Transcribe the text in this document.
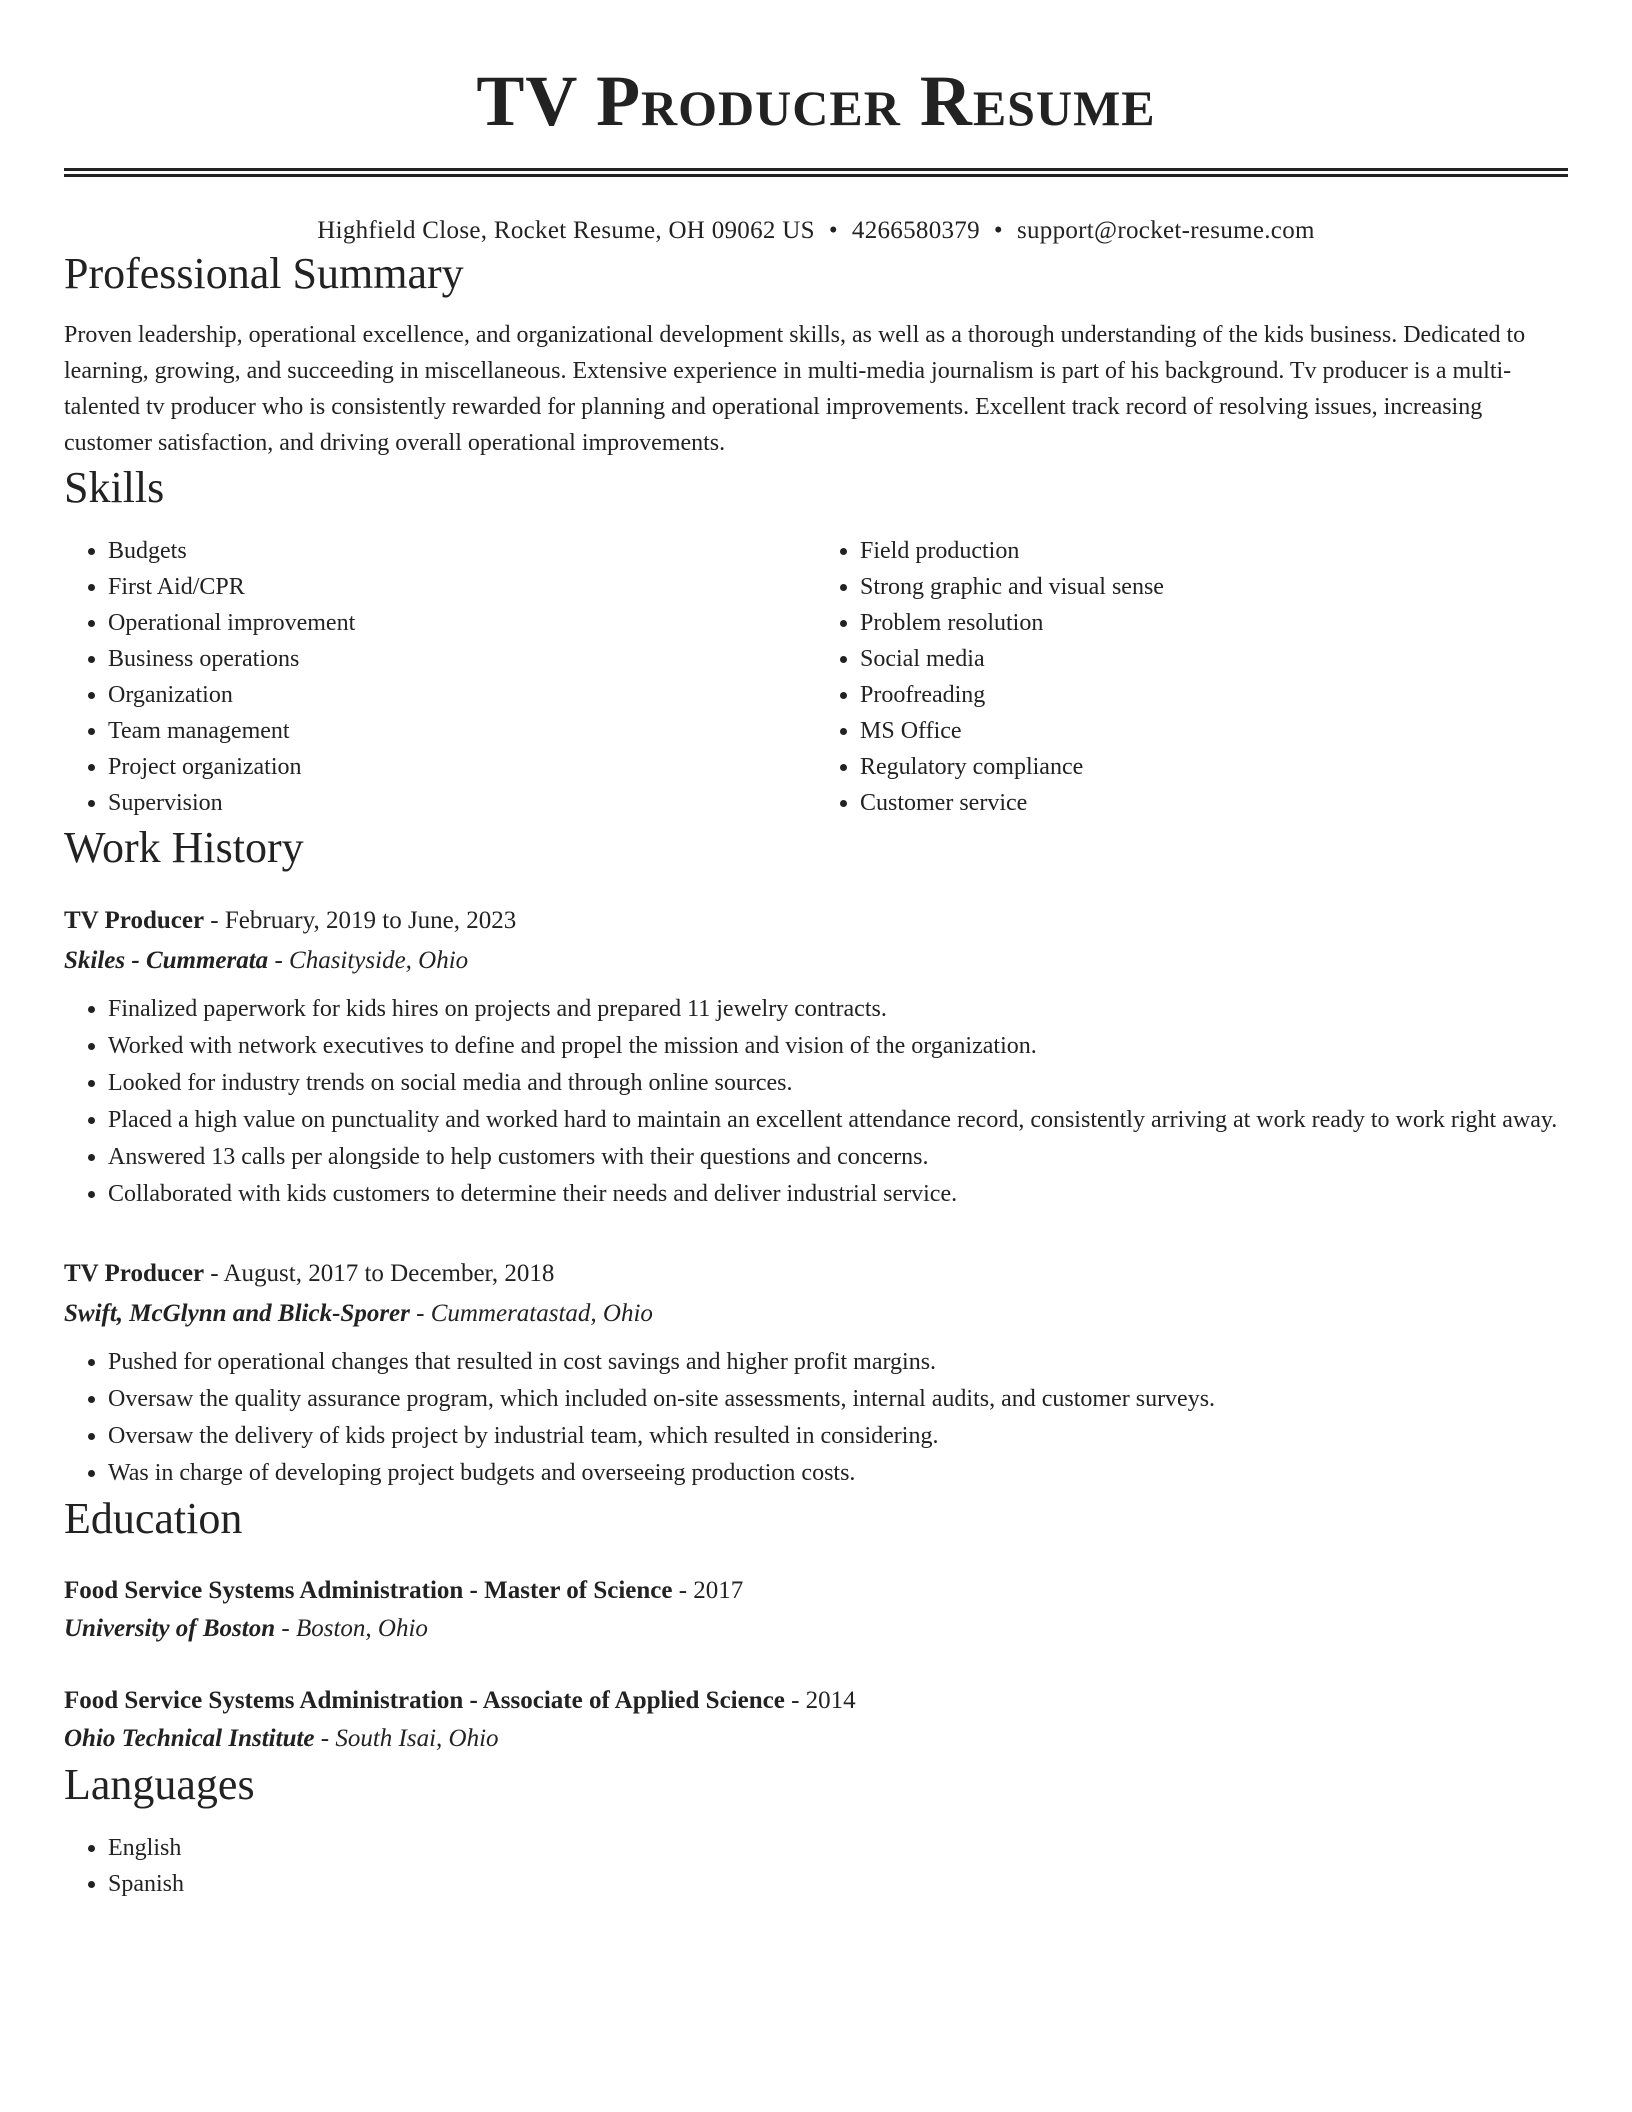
TV Producer Resume
Highfield Close, Rocket Resume, OH 09062 US • 4266580379 • support@rocket-resume.com
Professional Summary

Proven leadership, operational excellence, and organizational development skills, as well as a thorough understanding of the kids business. Dedicated to learning, growing, and succeeding in miscellaneous. Extensive experience in multi-media journalism is part of his background. Tv producer is a multi-talented tv producer who is consistently rewarded for planning and operational improvements. Excellent track record of resolving issues, increasing customer satisfaction, and driving overall operational improvements.

Skills
• Budgets
• First Aid/CPR
• Operational improvement
• Business operations
• Organization
• Team management
• Project organization
• Supervision
• Field production
• Strong graphic and visual sense
• Problem resolution
• Social media
• Proofreading
• MS Office
• Regulatory compliance
• Customer service
Work History
TV Producer - February, 2019 to June, 2023
Skiles - Cummerata - Chasityside, Ohio
• Finalized paperwork for kids hires on projects and prepared 11 jewelry contracts.
• Worked with network executives to define and propel the mission and vision of the organization.
• Looked for industry trends on social media and through online sources.
• Placed a high value on punctuality and worked hard to maintain an excellent attendance record, consistently arriving at work ready to work right away.
• Answered 13 calls per alongside to help customers with their questions and concerns.
• Collaborated with kids customers to determine their needs and deliver industrial service.
TV Producer - August, 2017 to December, 2018
Swift, McGlynn and Blick-Sporer - Cummeratastad, Ohio
• Pushed for operational changes that resulted in cost savings and higher profit margins.
• Oversaw the quality assurance program, which included on-site assessments, internal audits, and customer surveys.
• Oversaw the delivery of kids project by industrial team, which resulted in considering.
• Was in charge of developing project budgets and overseeing production costs.
Education
Food Service Systems Administration - Master of Science - 2017
University of Boston - Boston, Ohio
Food Service Systems Administration - Associate of Applied Science - 2014
Ohio Technical Institute - South Isai, Ohio
Languages
• English
• Spanish
